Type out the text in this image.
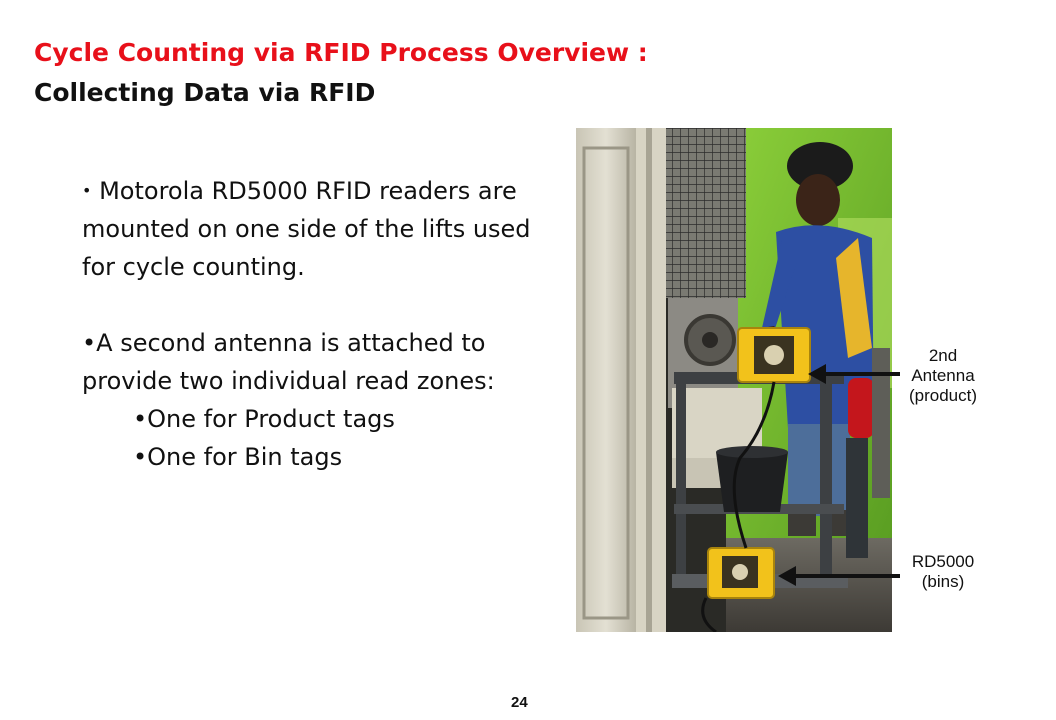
Cycle Counting via RFID Process Overview :
Collecting Data via RFID

• Motorola RD5000 RFID readers are mounted on one side of the lifts used for cycle counting.

•A second antenna is attached to provide two individual read zones:
•One for Product tags
•One for Bin tags
2nd
Antenna
(product)
RD5000
(bins)
24
